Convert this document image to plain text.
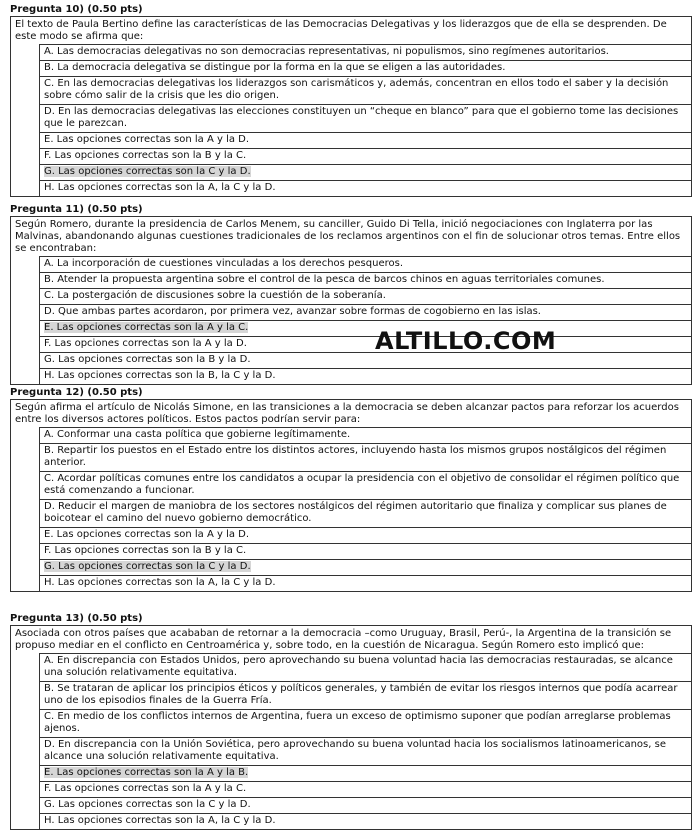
Pregunta 10) (0.50 pts)
El texto de Paula Bertino define las características de las Democracias Delegativas y los liderazgos que de ella se desprenden. De este modo se afirma que:
A. Las democracias delegativas no son democracias representativas, ni populismos, sino regímenes autoritarios.
B. La democracia delegativa se distingue por la forma en la que se eligen a las autoridades.
C. En las democracias delegativas los liderazgos son carismáticos y, además, concentran en ellos todo el saber y la decisión sobre cómo salir de la crisis que les dio origen.
D. En las democracias delegativas las elecciones constituyen un “cheque en blanco” para que el gobierno tome las decisiones que le parezcan.
E. Las opciones correctas son la A y la D.
F. Las opciones correctas son la B y la C.
G. Las opciones correctas son la C y la D.
H. Las opciones correctas son la A, la C y la D.
Pregunta 11) (0.50 pts)
Según Romero, durante la presidencia de Carlos Menem, su canciller, Guido Di Tella, inició negociaciones con Inglaterra por las Malvinas, abandonando algunas cuestiones tradicionales de los reclamos argentinos con el fin de solucionar otros temas. Entre ellos se encontraban:
A. La incorporación de cuestiones vinculadas a los derechos pesqueros.
B. Atender la propuesta argentina sobre el control de la pesca de barcos chinos en aguas territoriales comunes.
C. La postergación de discusiones sobre la cuestión de la soberanía.
D. Que ambas partes acordaron, por primera vez, avanzar sobre formas de cogobierno en las islas.
E. Las opciones correctas son la A y la C.
F. Las opciones correctas son la A y la D.
G. Las opciones correctas son la B y la D.
H. Las opciones correctas son la B, la C y la D.
Pregunta 12) (0.50 pts)
Según afirma el artículo de Nicolás Simone, en las transiciones a la democracia se deben alcanzar pactos para reforzar los acuerdos entre los diversos actores políticos. Estos pactos podrían servir para:
A. Conformar una casta política que gobierne legítimamente.
B. Repartir los puestos en el Estado entre los distintos actores, incluyendo hasta los mismos grupos nostálgicos del régimen anterior.
C. Acordar políticas comunes entre los candidatos a ocupar la presidencia con el objetivo de consolidar el régimen político que está comenzando a funcionar.
D. Reducir el margen de maniobra de los sectores nostálgicos del régimen autoritario que finaliza y complicar sus planes de boicotear el camino del nuevo gobierno democrático.
E. Las opciones correctas son la A y la D.
F. Las opciones correctas son la B y la C.
G. Las opciones correctas son la C y la D.
H. Las opciones correctas son la A, la C y la D.
Pregunta 13) (0.50 pts)
Asociada con otros países que acababan de retornar a la democracia –como Uruguay, Brasil, Perú-, la Argentina de la transición se propuso mediar en el conflicto en Centroamérica y, sobre todo, en la cuestión de Nicaragua. Según Romero esto implicó que:
A. En discrepancia con Estados Unidos, pero aprovechando su buena voluntad hacia las democracias restauradas, se alcance una solución relativamente equitativa.
B. Se trataran de aplicar los principios éticos y políticos generales, y también de evitar los riesgos internos que podía acarrear uno de los episodios finales de la Guerra Fría.
C. En medio de los conflictos internos de Argentina, fuera un exceso de optimismo suponer que podían arreglarse problemas ajenos.
D. En discrepancia con la Unión Soviética, pero aprovechando su buena voluntad hacia los socialismos latinoamericanos, se alcance una solución relativamente equitativa.
E. Las opciones correctas son la A y la B.
F. Las opciones correctas son la A y la C.
G. Las opciones correctas son la C y la D.
H. Las opciones correctas son la A, la C y la D.
ALTILLO.COM
